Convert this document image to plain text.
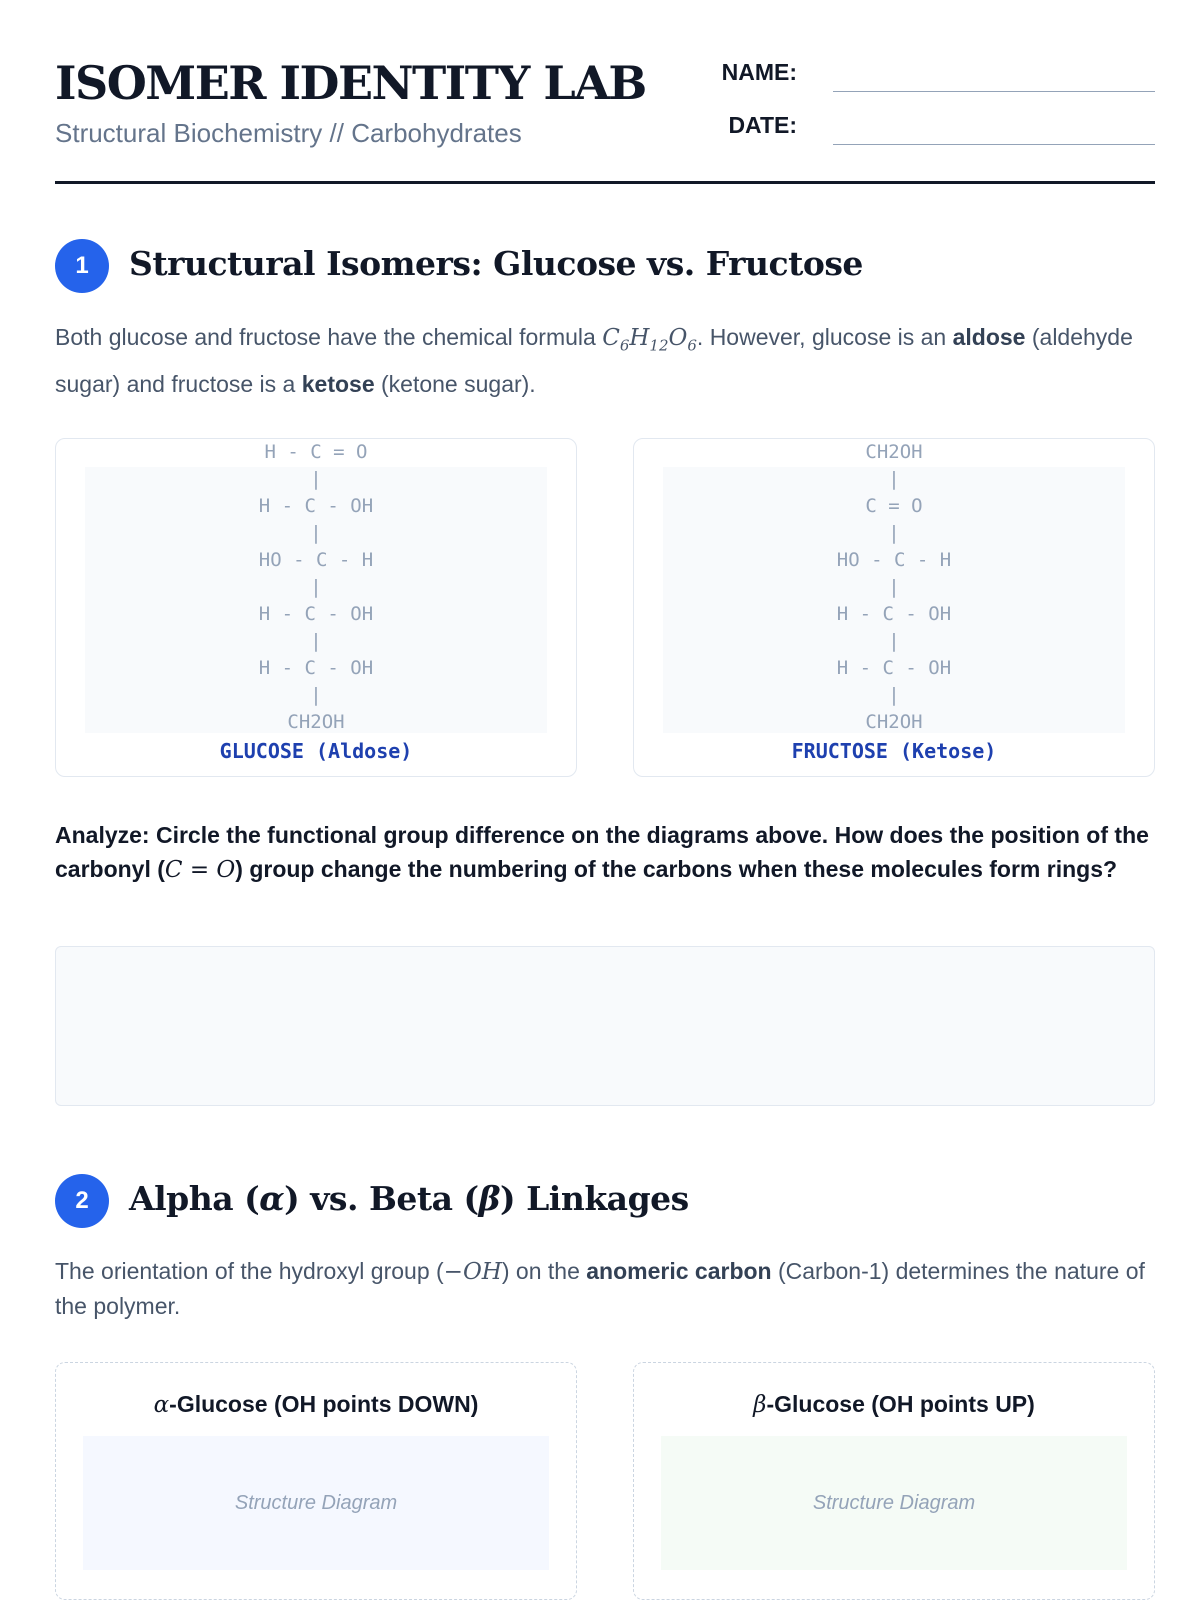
ISOMER IDENTITY LAB
Structural Biochemistry // Carbohydrates
NAME:
DATE:
1	Structural Isomers: Glucose vs. Fructose

Both glucose and fructose have the chemical formula $C_6H_{12}O_6$. However, glucose is an aldose (aldehyde sugar) and fructose is a ketose (ketone sugar).

H - C = O
|
H - C - OH
|
HO - C - H
|
H - C - OH
|
H - C - OH
|
CH2OH
GLUCOSE (Aldose)
CH2OH
|
C = O
|
HO - C - H
|
H - C - OH
|
H - C - OH
|
CH2OH
FRUCTOSE (Ketose)

Analyze: Circle the functional group difference on the diagrams above. How does the position of the carbonyl (C = O) group change the numbering of the carbons when these molecules form rings?

2	Alpha (α) vs. Beta (β) Linkages

The orientation of the hydroxyl group (−OH) on the anomeric carbon (Carbon-1) determines the nature of the polymer.

α-Glucose (OH points DOWN)
Structure Diagram
β-Glucose (OH points UP)
Structure Diagram
